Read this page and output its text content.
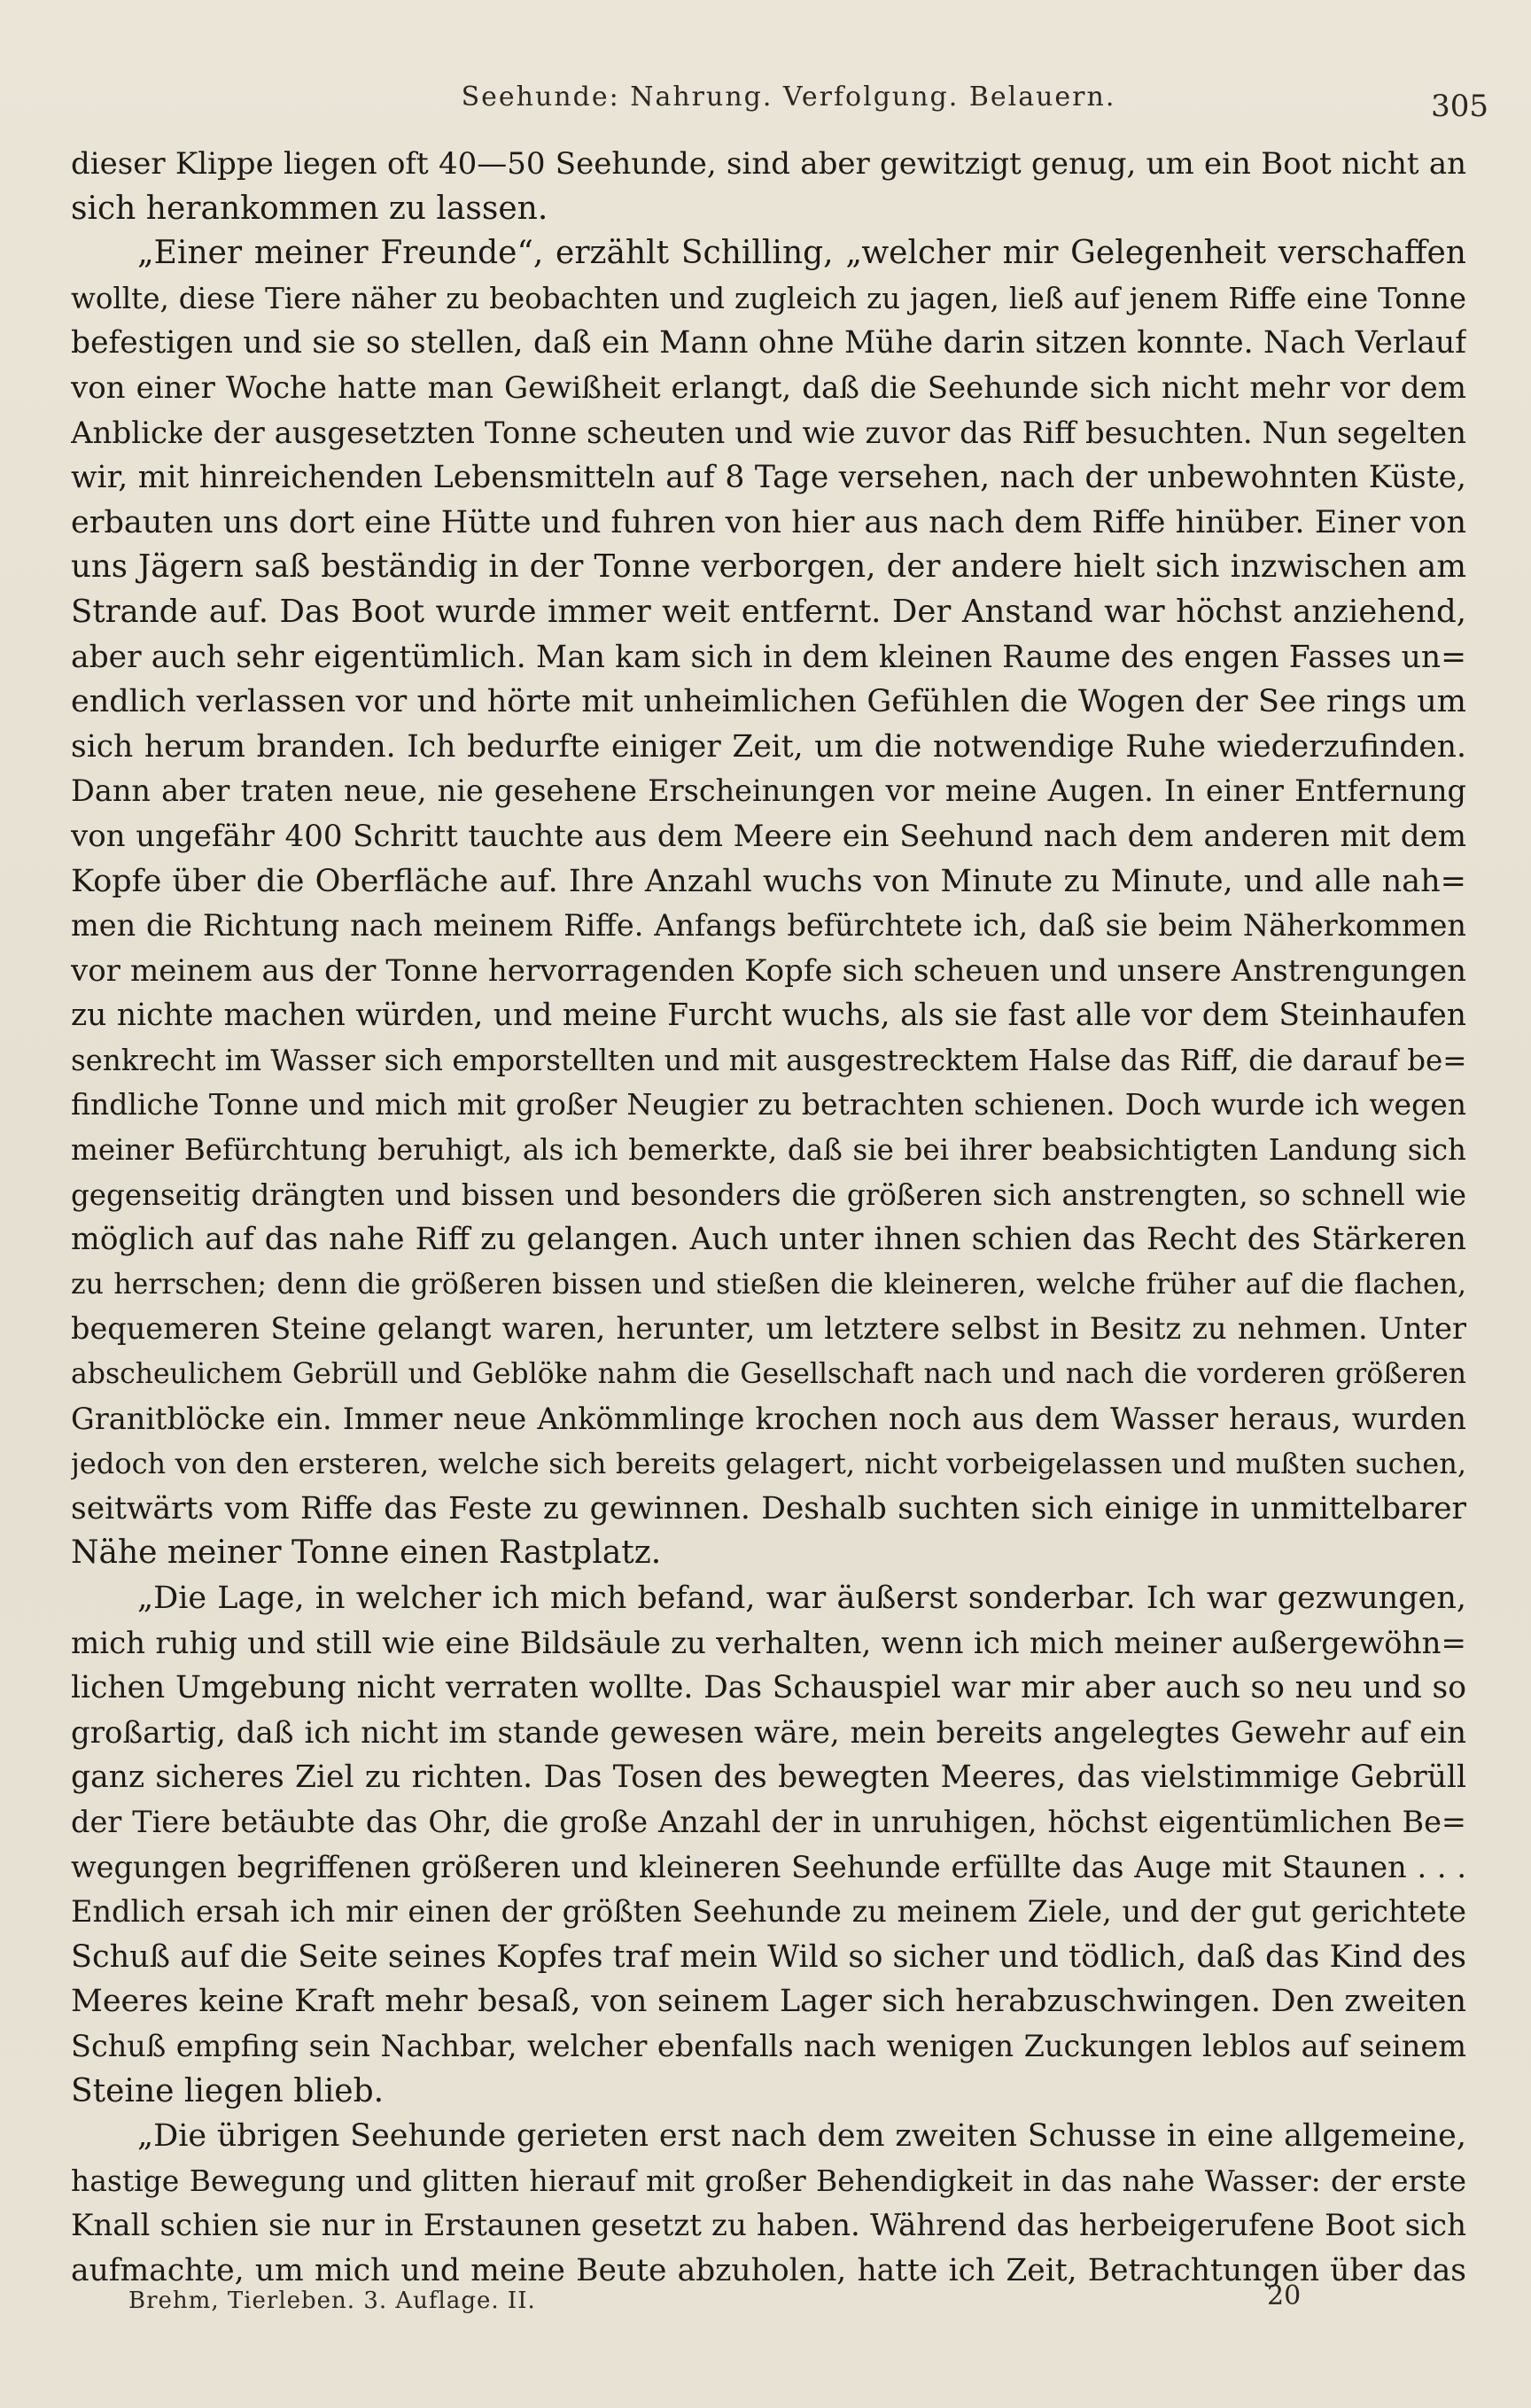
Seehunde: Nahrung. Verfolgung. Belauern.	305
dieser Klippe liegen oft 40—50 Seehunde, sind aber gewitzigt genug, um ein Boot nicht an
sich herankommen zu lassen.
„Einer meiner Freunde“, erzählt Schilling, „welcher mir Gelegenheit verschaffen
wollte, diese Tiere näher zu beobachten und zugleich zu jagen, ließ auf jenem Riffe eine Tonne
befestigen und sie so stellen, daß ein Mann ohne Mühe darin sitzen konnte. Nach Verlauf
von einer Woche hatte man Gewißheit erlangt, daß die Seehunde sich nicht mehr vor dem
Anblicke der ausgesetzten Tonne scheuten und wie zuvor das Riff besuchten. Nun segelten
wir, mit hinreichenden Lebensmitteln auf 8 Tage versehen, nach der unbewohnten Küste,
erbauten uns dort eine Hütte und fuhren von hier aus nach dem Riffe hinüber. Einer von
uns Jägern saß beständig in der Tonne verborgen, der andere hielt sich inzwischen am
Strande auf. Das Boot wurde immer weit entfernt. Der Anstand war höchst anziehend,
aber auch sehr eigentümlich. Man kam sich in dem kleinen Raume des engen Fasses un=
endlich verlassen vor und hörte mit unheimlichen Gefühlen die Wogen der See rings um
sich herum branden. Ich bedurfte einiger Zeit, um die notwendige Ruhe wiederzufinden.
Dann aber traten neue, nie gesehene Erscheinungen vor meine Augen. In einer Entfernung
von ungefähr 400 Schritt tauchte aus dem Meere ein Seehund nach dem anderen mit dem
Kopfe über die Oberfläche auf. Ihre Anzahl wuchs von Minute zu Minute, und alle nah=
men die Richtung nach meinem Riffe. Anfangs befürchtete ich, daß sie beim Näherkommen
vor meinem aus der Tonne hervorragenden Kopfe sich scheuen und unsere Anstrengungen
zu nichte machen würden, und meine Furcht wuchs, als sie fast alle vor dem Steinhaufen
senkrecht im Wasser sich emporstellten und mit ausgestrecktem Halse das Riff, die darauf be=
findliche Tonne und mich mit großer Neugier zu betrachten schienen. Doch wurde ich wegen
meiner Befürchtung beruhigt, als ich bemerkte, daß sie bei ihrer beabsichtigten Landung sich
gegenseitig drängten und bissen und besonders die größeren sich anstrengten, so schnell wie
möglich auf das nahe Riff zu gelangen. Auch unter ihnen schien das Recht des Stärkeren
zu herrschen; denn die größeren bissen und stießen die kleineren, welche früher auf die flachen,
bequemeren Steine gelangt waren, herunter, um letztere selbst in Besitz zu nehmen. Unter
abscheulichem Gebrüll und Geblöke nahm die Gesellschaft nach und nach die vorderen größeren
Granitblöcke ein. Immer neue Ankömmlinge krochen noch aus dem Wasser heraus, wurden
jedoch von den ersteren, welche sich bereits gelagert, nicht vorbeigelassen und mußten suchen,
seitwärts vom Riffe das Feste zu gewinnen. Deshalb suchten sich einige in unmittelbarer
Nähe meiner Tonne einen Rastplatz.
„Die Lage, in welcher ich mich befand, war äußerst sonderbar. Ich war gezwungen,
mich ruhig und still wie eine Bildsäule zu verhalten, wenn ich mich meiner außergewöhn=
lichen Umgebung nicht verraten wollte. Das Schauspiel war mir aber auch so neu und so
großartig, daß ich nicht im stande gewesen wäre, mein bereits angelegtes Gewehr auf ein
ganz sicheres Ziel zu richten. Das Tosen des bewegten Meeres, das vielstimmige Gebrüll
der Tiere betäubte das Ohr, die große Anzahl der in unruhigen, höchst eigentümlichen Be=
wegungen begriffenen größeren und kleineren Seehunde erfüllte das Auge mit Staunen . . .
Endlich ersah ich mir einen der größten Seehunde zu meinem Ziele, und der gut gerichtete
Schuß auf die Seite seines Kopfes traf mein Wild so sicher und tödlich, daß das Kind des
Meeres keine Kraft mehr besaß, von seinem Lager sich herabzuschwingen. Den zweiten
Schuß empfing sein Nachbar, welcher ebenfalls nach wenigen Zuckungen leblos auf seinem
Steine liegen blieb.
„Die übrigen Seehunde gerieten erst nach dem zweiten Schusse in eine allgemeine,
hastige Bewegung und glitten hierauf mit großer Behendigkeit in das nahe Wasser: der erste
Knall schien sie nur in Erstaunen gesetzt zu haben. Während das herbeigerufene Boot sich
aufmachte, um mich und meine Beute abzuholen, hatte ich Zeit, Betrachtungen über das
Brehm, Tierleben. 3. Auflage. II.	20
